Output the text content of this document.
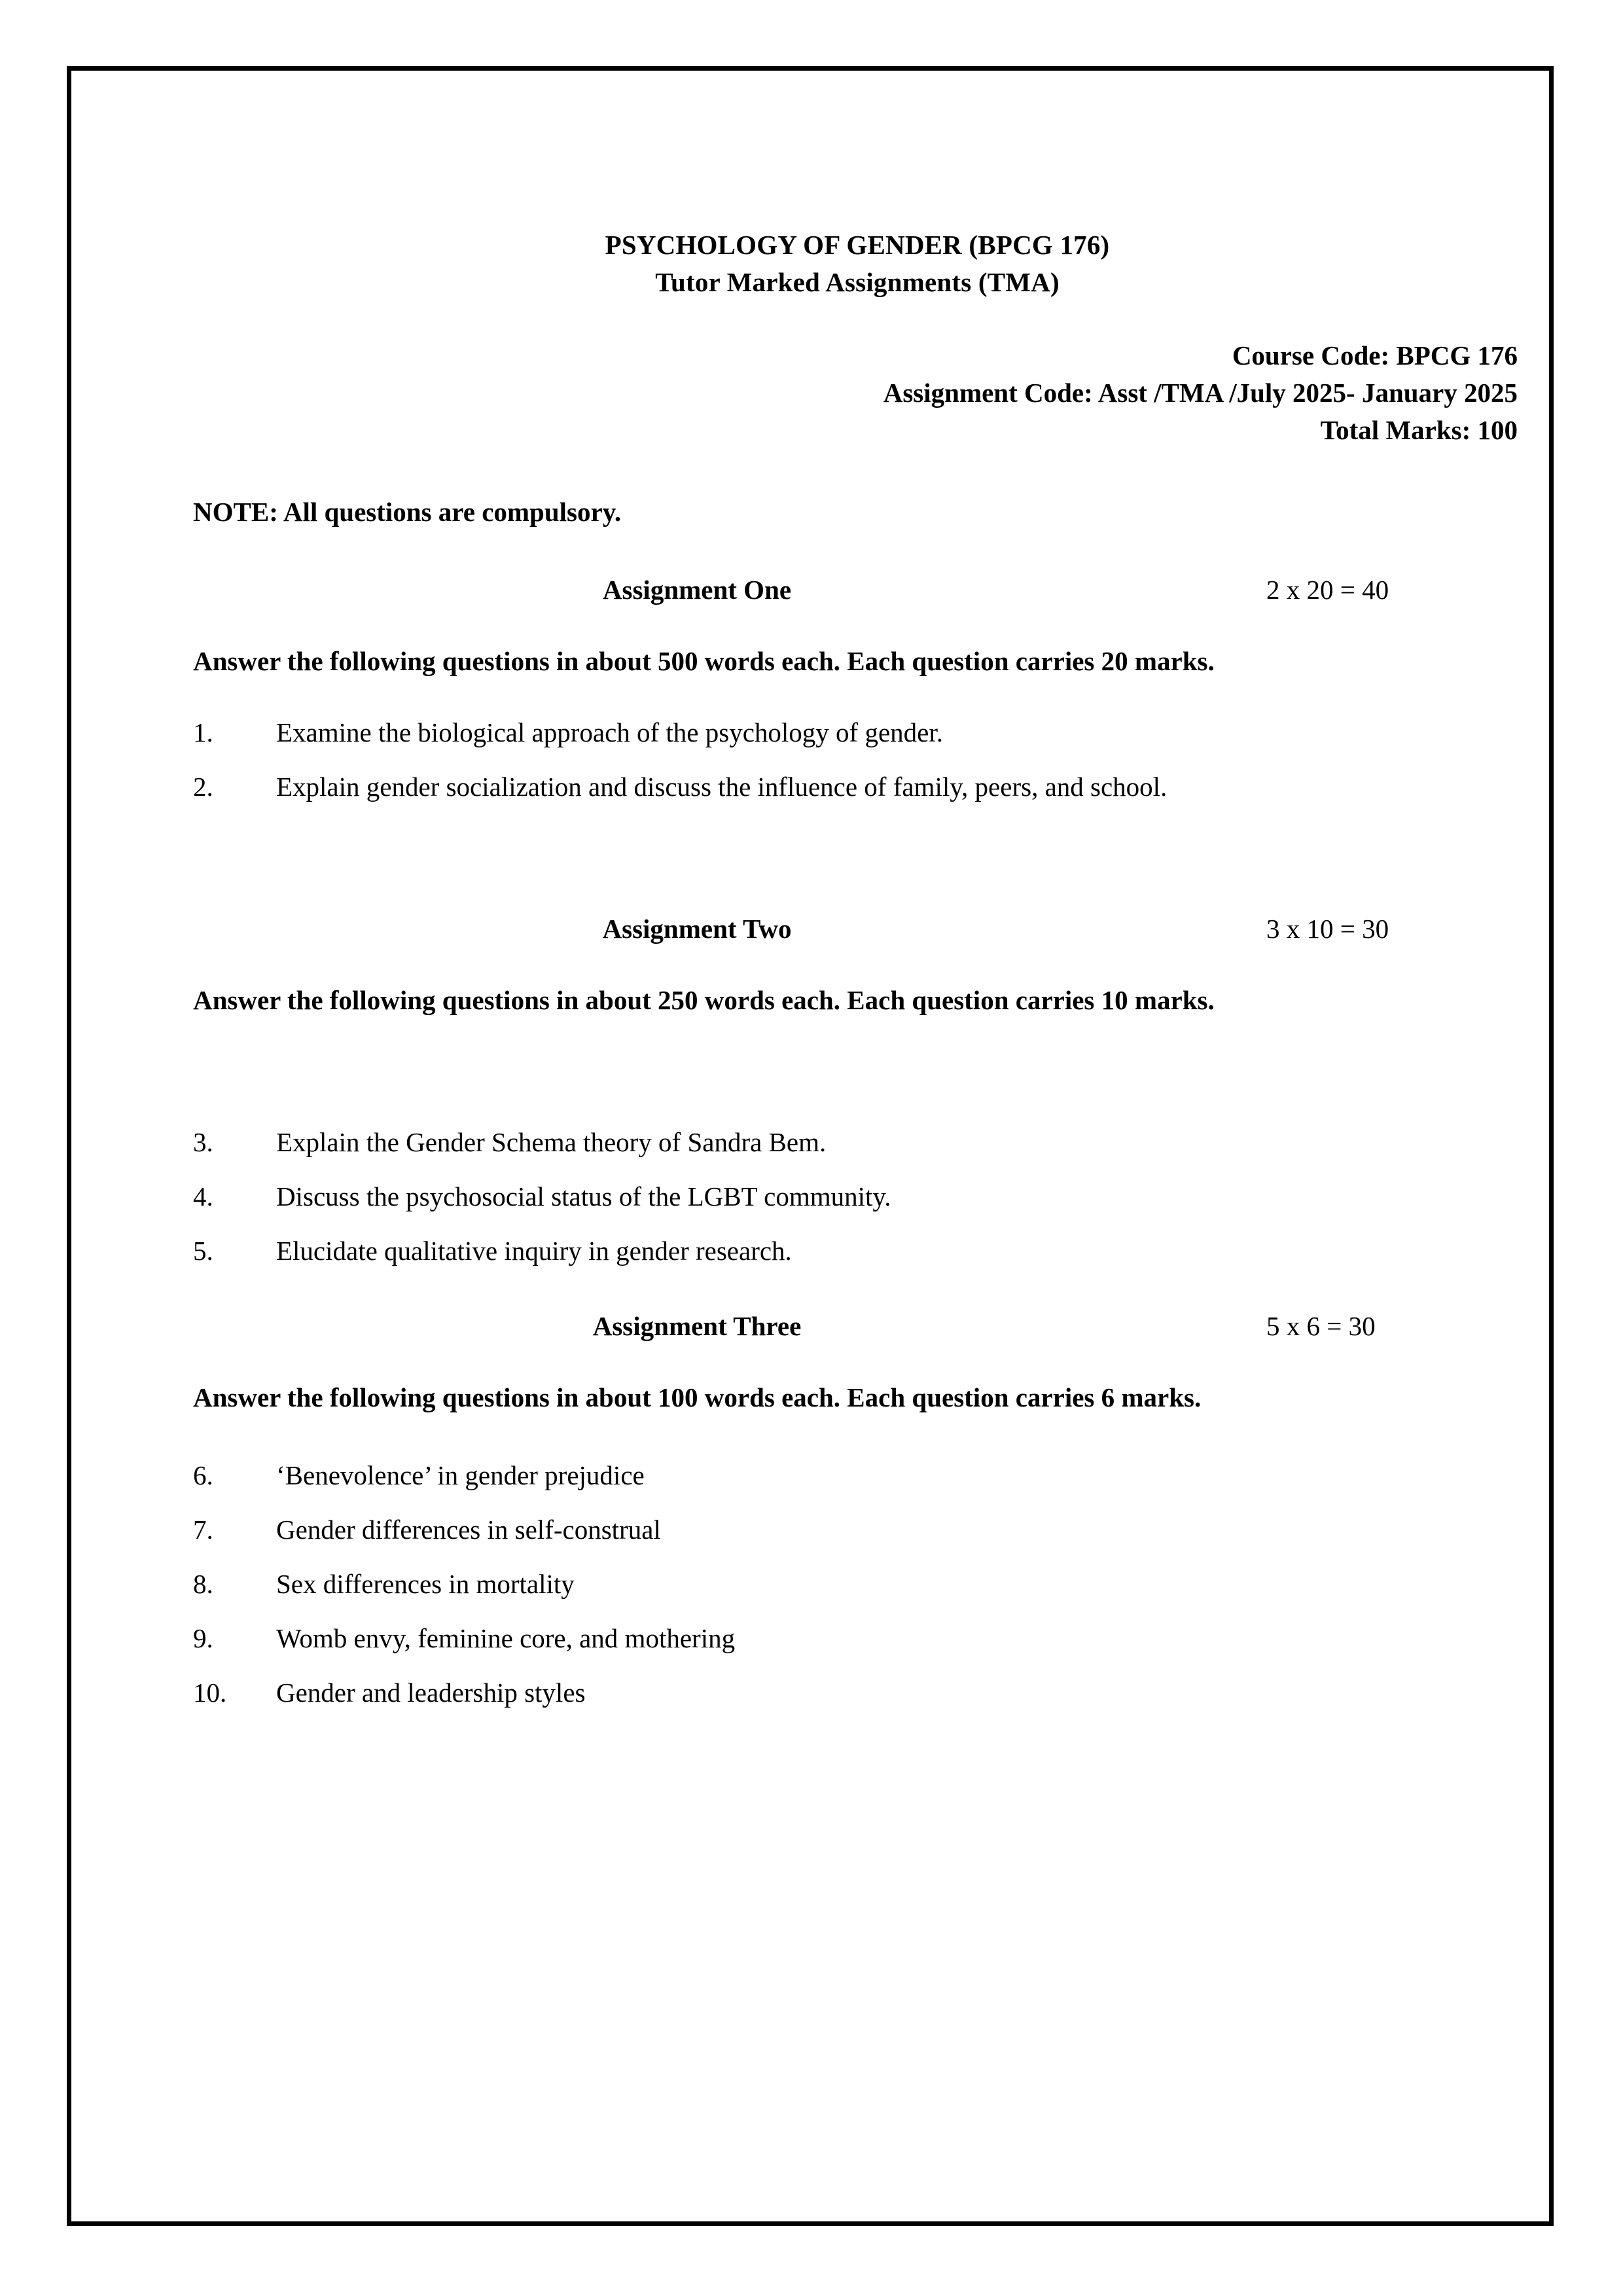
PSYCHOLOGY OF GENDER (BPCG 176)
Tutor Marked Assignments (TMA)
Course Code: BPCG 176
Assignment Code: Asst /TMA /July 2025- January 2025
Total Marks: 100
NOTE: All questions are compulsory.
Assignment One	2 x 20 = 40
Answer the following questions in about 500 words each. Each question carries 20 marks.
1.	Examine the biological approach of the psychology of gender.
2.	Explain gender socialization and discuss the influence of family, peers, and school.
Assignment Two	3 x 10 = 30
Answer the following questions in about 250 words each. Each question carries 10 marks.
3.	Explain the Gender Schema theory of Sandra Bem.
4.	Discuss the psychosocial status of the LGBT community.
5.	Elucidate qualitative inquiry in gender research.
Assignment Three	5 x 6 = 30
Answer the following questions in about 100 words each. Each question carries 6 marks.
6.	‘Benevolence’ in gender prejudice
7.	Gender differences in self-construal
8.	Sex differences in mortality
9.	Womb envy, feminine core, and mothering
10.	Gender and leadership styles
